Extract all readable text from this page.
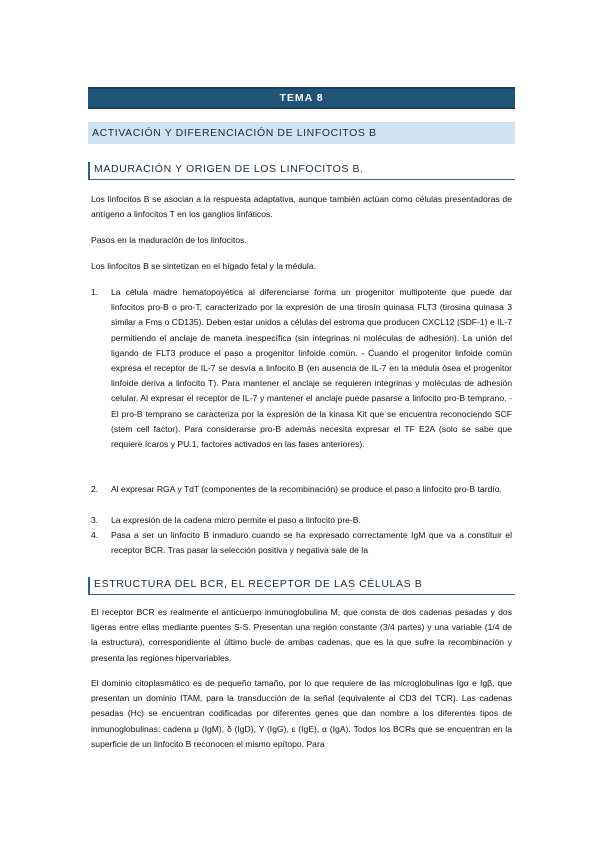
TEMA 8
ACTIVACIÓN Y DIFERENCIACIÓN DE LINFOCITOS B
MADURACIÓN Y ORIGEN DE LOS LINFOCITOS B.

Los linfocitos B se asocian a la respuesta adaptativa, aunque también actúan como células presentadoras de antígeno a linfocitos T en los ganglios linfáticos.

Pasos en la maduración de los linfocitos.

Los linfocitos B se sintetizan en el hígado fetal y la médula.

1.	La célula madre hematopoyética al diferenciarse forma un progenitor multipotente que puede dar linfocitos pro-B o pro-T, caracterizado por la expresión de una tirosín quinasa FLT3 (tirosina quinasa 3 similar a Fms o CD135). Deben estar unidos a células del estroma que producen CXCL12 (SDF-1) e IL-7 permitiendo el anclaje de maneta inespecífica (sin integrinas ni moléculas de adhesión). La unión del ligando de FLT3 produce el paso a progenitor linfoide común. - Cuando el progenitor linfoide común expresa el receptor de IL-7 se desvía a linfocito B (en ausencia de IL-7 en la médula ósea el progenitor linfoide deriva a linfocito T). Para mantener el anclaje se requieren integrinas y moléculas de adhesión celular. Al expresar el receptor de IL-7 y mantener el anclaje puede pasarse a linfocito pro-B temprano. - El pro-B temprano se caracteriza por la expresión de la kinasa Kit que se encuentra reconociendo SCF (stem cell factor). Para considerarse pro-B además necesita expresar el TF E2A (solo se sabe que requiere ícaros y PU.1, factores activados en las fases anteriores).
2.	Al expresar RGA y TdT (componentes de la recombinación) se produce el paso a linfocito pro-B tardío.
3.	La expresión de la cadena micro permite el paso a linfocito pre-B.
4.	Pasa a ser un linfocito B inmaduro cuando se ha expresado correctamente IgM que va a constituir el receptor BCR. Tras pasar la selección positiva y negativa sale de la
ESTRUCTURA DEL BCR, EL RECEPTOR DE LAS CÉLULAS B

El receptor BCR es realmente el anticuerpo inmunoglobulina M, que consta de dos cadenas pesadas y dos ligeras entre ellas mediante puentes S-S. Presentan una región constante (3/4 partes) y una variable (1/4 de la estructura), correspondiente al último bucle de ambas cadenas, que es la que sufre la recombinación y presenta las regiones hipervariables.

El dominio citoplasmático es de pequeño tamaño, por lo que requiere de las microglobulinas Igα e Igβ, que presentan un dominio ITAM, para la transducción de la señal (equivalente al CD3 del TCR). Las cadenas pesadas (Hc) se encuentran codificadas por diferentes genes que dan nombre a los diferentes tipos de inmunoglobulinas: cadena μ (IgM), δ (IgD), Υ (IgG), ε (IgE), α (IgA). Todos los BCRs que se encuentran en la superficie de un linfocito B reconocen el mismo epítopo. Para
